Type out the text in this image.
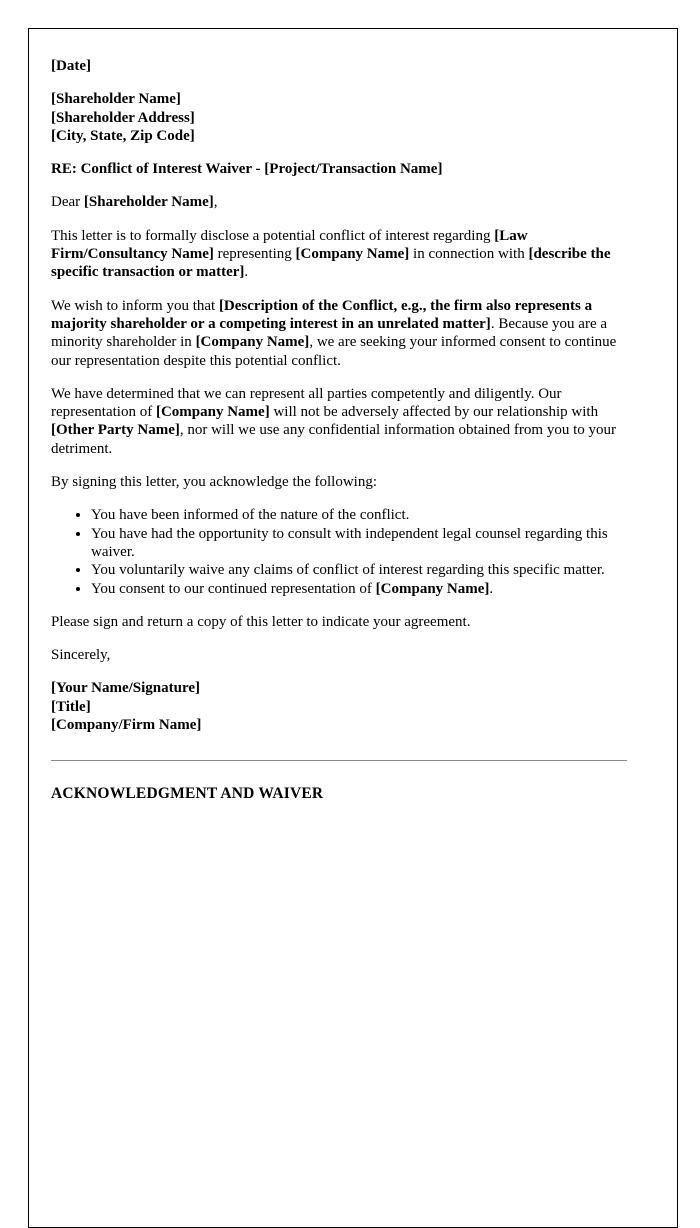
[Date]

[Shareholder Name]

[Shareholder Address]

[City, State, Zip Code]

RE: Conflict of Interest Waiver - [Project/Transaction Name]

Dear [Shareholder Name],

This letter is to formally disclose a potential conflict of interest regarding [Law Firm/Consultancy Name] representing [Company Name] in connection with [describe the specific transaction or matter].

We wish to inform you that [Description of the Conflict, e.g., the firm also represents a majority shareholder or a competing interest in an unrelated matter]. Because you are a minority shareholder in [Company Name], we are seeking your informed consent to continue our representation despite this potential conflict.

We have determined that we can represent all parties competently and diligently. Our representation of [Company Name] will not be adversely affected by our relationship with [Other Party Name], nor will we use any confidential information obtained from you to your detriment.

By signing this letter, you acknowledge the following:

• You have been informed of the nature of the conflict.
• You have had the opportunity to consult with independent legal counsel regarding this waiver.
• You voluntarily waive any claims of conflict of interest regarding this specific matter.
• You consent to our continued representation of [Company Name].

Please sign and return a copy of this letter to indicate your agreement.

Sincerely,

[Your Name/Signature]

[Title]

[Company/Firm Name]

ACKNOWLEDGMENT AND WAIVER
